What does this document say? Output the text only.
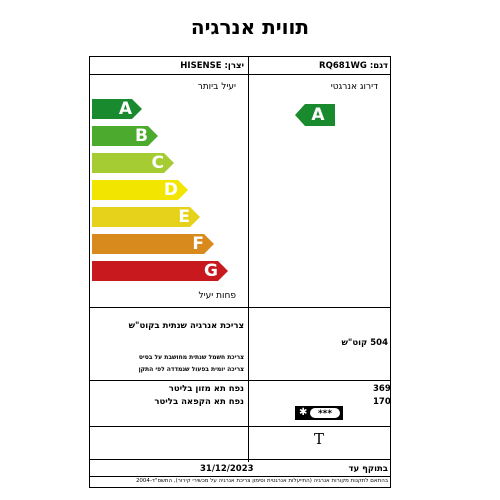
תווית אנרגיה
דגם: RQ681WG
יצרן: HISENSE
יעיל ביותר	דירוג אנרגטי
A
B
C
D
E
F
G
A
פחות יעיל
צריכת אנרגיה שנתית בקוט"ש
504 קוט"ש
צריכת חשמל שנתית מחושבת על בסיס
צריכה יומית בפעול שנמדדה לפי התקן
נפח תא מזון בליטר	369
נפח תא הקפאה בליטר	170
31/12/2023	בתוקף עד
בהתאם לתקנות מקורות אנרגיה (התייעלות אנרגטית וסימון צריכת אנרגיה על מכשירי קירור), התשס"ד-2004
✱	***
T
